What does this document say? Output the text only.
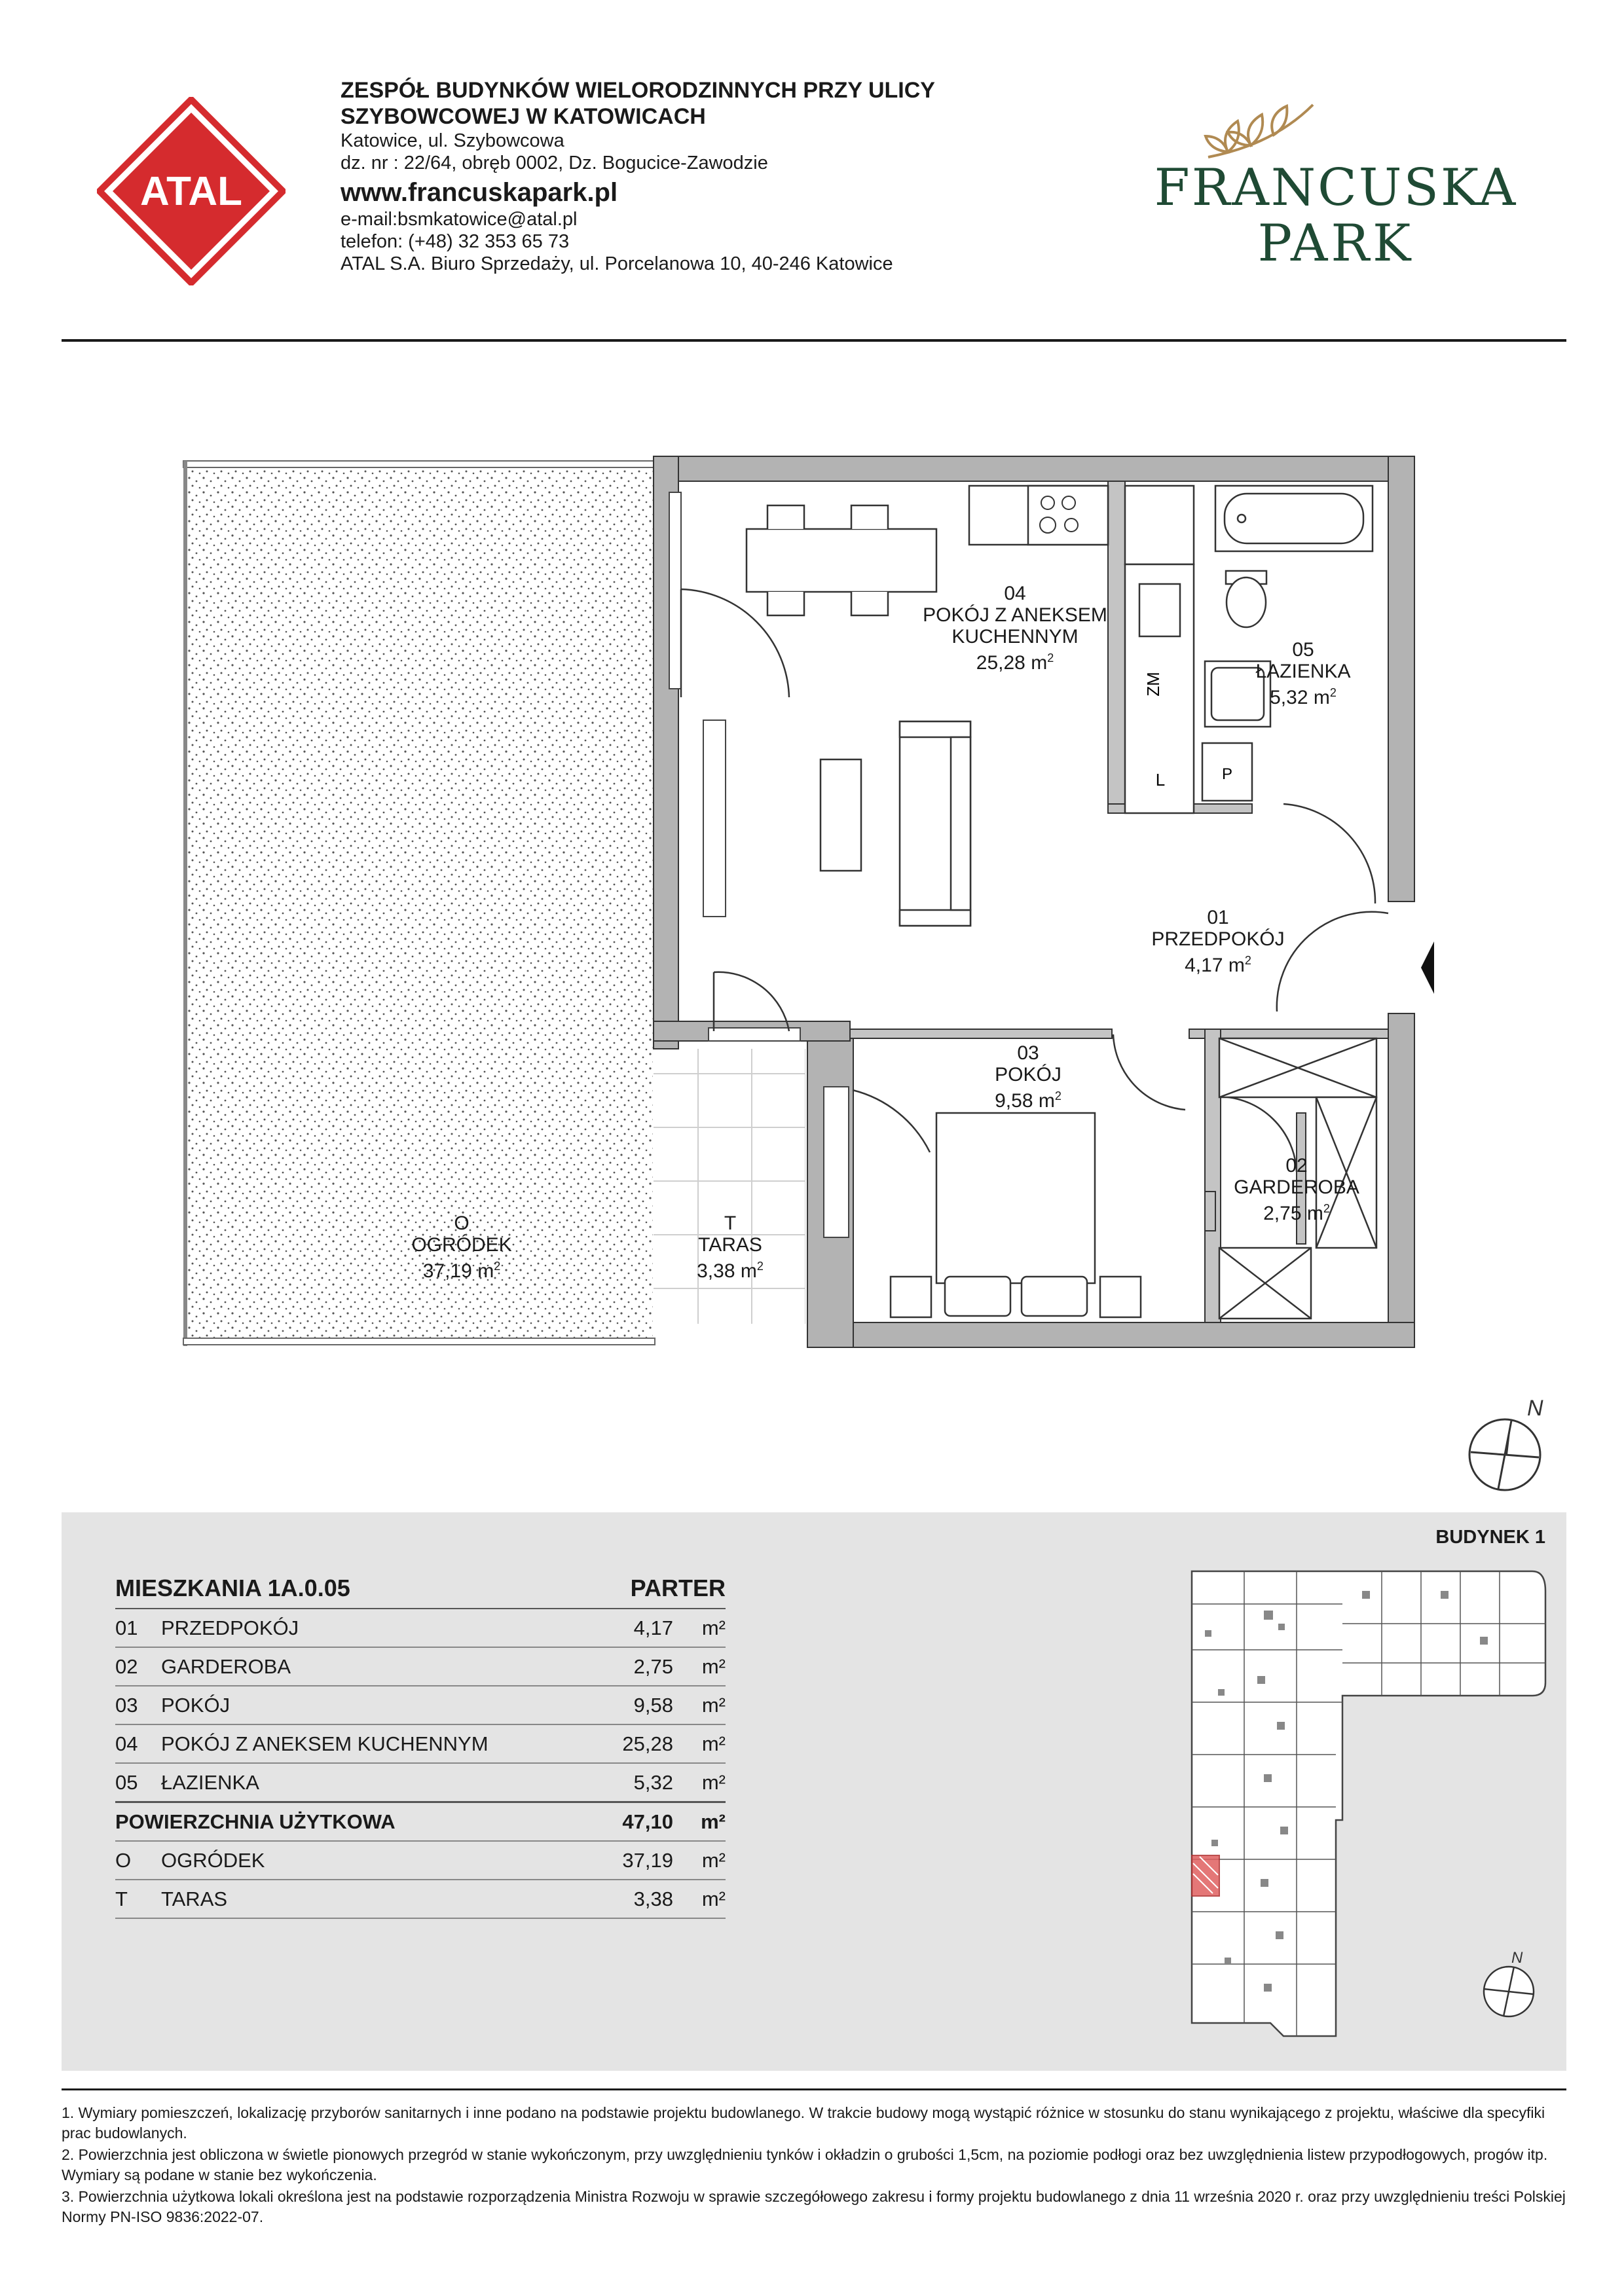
ATAL
ZESPÓŁ BUDYNKÓW WIELORODZINNYCH PRZY ULICY
SZYBOWCOWEJ W KATOWICACH
Katowice, ul. Szybowcowa
dz. nr : 22/64, obręb 0002, Dz. Bogucice-Zawodzie
www.francuskapark.pl
e-mail:bsmkatowice@atal.pl
telefon: (+48) 32 353 65 73
ATAL S.A. Biuro Sprzedaży, ul. Porcelanowa 10, 40-246 Katowice
FRANCUSKA
PARK
ZM
L	P
04
POKÓJ Z ANEKSEM
KUCHENNYM
25,28 $m^2$	05
ŁAZIENKA
5,32 $m^2$
01
PRZEDPOKÓJ
4,17 $m^2$
03
POKÓJ
9,58 $m^2$
02
GARDEROBA
2,75 $m^2$
T
TARAS
3,38 $m^2$
O
OGRÓDEK
37,19 $m^2$
N
MIESZKANIA 1A.0.05		PARTER	
01	PRZEDPOKÓJ	4,17	m²
02	GARDEROBA	2,75	m²
03	POKÓJ	9,58	m²
04	POKÓJ Z ANEKSEM KUCHENNYM	25,28	m²
05	ŁAZIENKA	5,32	m²
POWIERZCHNIA UŻYTKOWA		47,10	m²
O	OGRÓDEK	37,19	m²
T	TARAS	3,38	m²
BUDYNEK 1
N

1. Wymiary pomieszczeń, lokalizację przyborów sanitarnych i inne podano na podstawie projektu budowlanego. W trakcie budowy mogą wystąpić różnice w stosunku do stanu wynikającego z projektu, właściwe dla specyfiki prac budowlanych.

2. Powierzchnia jest obliczona w świetle pionowych przegród w stanie wykończonym, przy uwzględnieniu tynków i okładzin o grubości 1,5cm, na poziomie podłogi oraz bez uwzględnienia listew przypodłogowych, progów itp. Wymiary są podane w stanie bez wykończenia.

3. Powierzchnia użytkowa lokali określona jest na podstawie rozporządzenia Ministra Rozwoju w sprawie szczegółowego zakresu i formy projektu budowlanego z dnia 11 września 2020 r. oraz przy uwzględnieniu treści Polskiej Normy PN-ISO 9836:2022-07.
